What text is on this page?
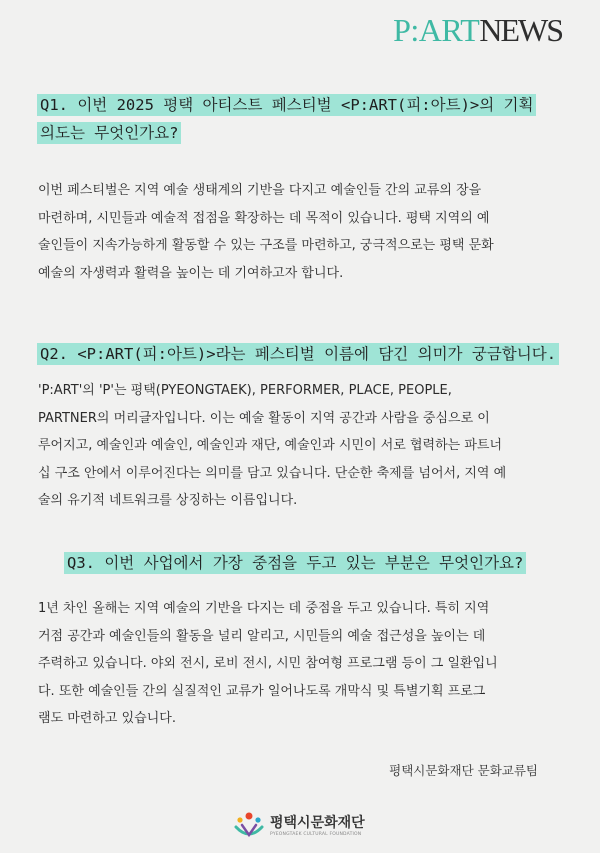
P:ARTNEWS
Q1. 이번 2025 평택 아티스트 페스티벌 <P:ART(피:아트)>의 기획
의도는 무엇인가요?
이번 페스티벌은 지역 예술 생태계의 기반을 다지고 예술인들 간의 교류의 장을
마련하며, 시민들과 예술적 접점을 확장하는 데 목적이 있습니다. 평택 지역의 예
술인들이 지속가능하게 활동할 수 있는 구조를 마련하고, 궁극적으로는 평택 문화
예술의 자생력과 활력을 높이는 데 기여하고자 합니다.
Q2. <P:ART(피:아트)>라는 페스티벌 이름에 담긴 의미가 궁금합니다.
'P:ART'의 'P'는 평택(PYEONGTAEK), PERFORMER, PLACE, PEOPLE,
PARTNER의 머리글자입니다. 이는 예술 활동이 지역 공간과 사람을 중심으로 이
루어지고, 예술인과 예술인, 예술인과 재단, 예술인과 시민이 서로 협력하는 파트너
십 구조 안에서 이루어진다는 의미를 담고 있습니다. 단순한 축제를 넘어서, 지역 예
술의 유기적 네트워크를 상징하는 이름입니다.
Q3. 이번 사업에서 가장 중점을 두고 있는 부분은 무엇인가요?
1년 차인 올해는 지역 예술의 기반을 다지는 데 중점을 두고 있습니다. 특히 지역
거점 공간과 예술인들의 활동을 널리 알리고, 시민들의 예술 접근성을 높이는 데
주력하고 있습니다. 야외 전시, 로비 전시, 시민 참여형 프로그램 등이 그 일환입니
다. 또한 예술인들 간의 실질적인 교류가 일어나도록 개막식 및 특별기획 프로그
램도 마련하고 있습니다.
평택시문화재단 문화교류팀
평택시문화재단
PYEONGTAEK CULTURAL FOUNDATION
